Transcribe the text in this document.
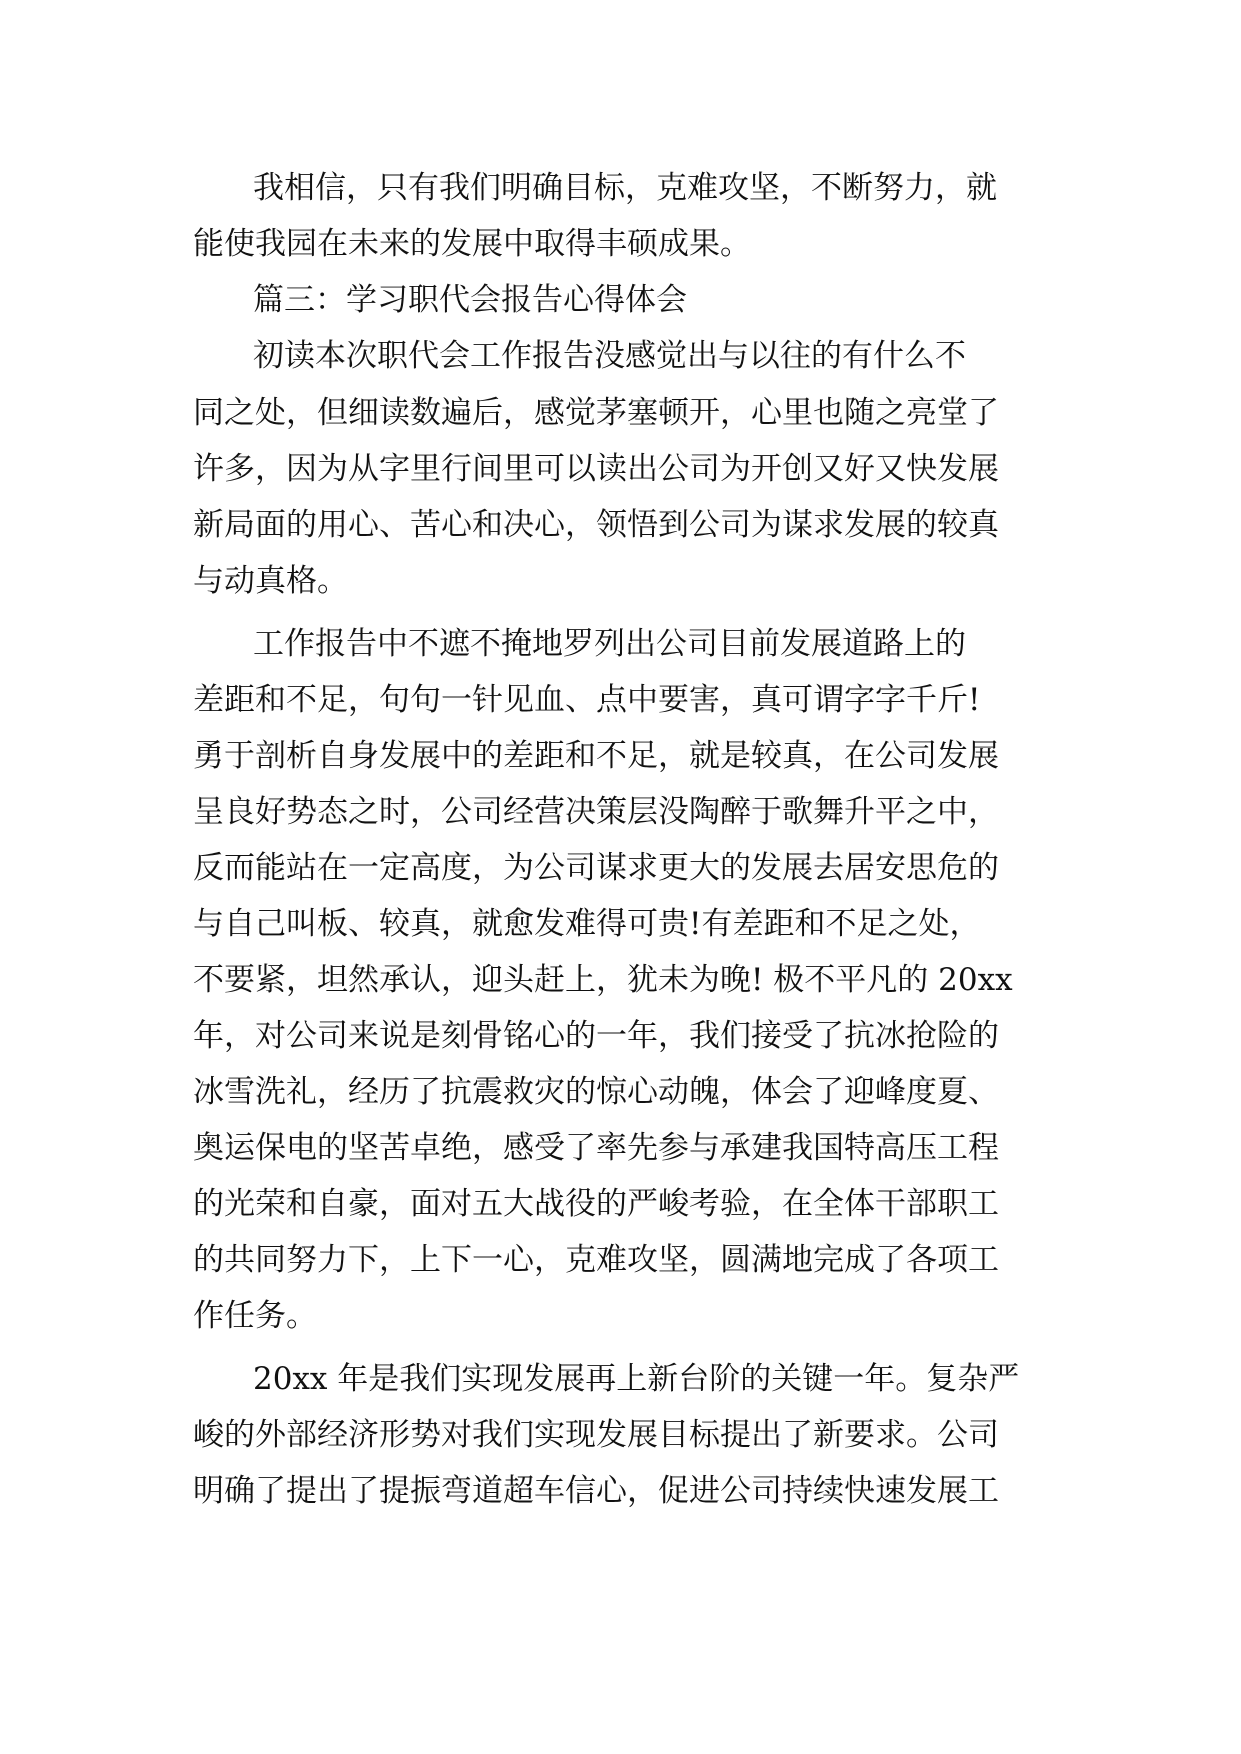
我相信，只有我们明确目标，克难攻坚，不断努力，就
能使我园在未来的发展中取得丰硕成果。
篇三：学习职代会报告心得体会
初读本次职代会工作报告没感觉出与以往的有什么不
同之处，但细读数遍后，感觉茅塞顿开，心里也随之亮堂了
许多，因为从字里行间里可以读出公司为开创又好又快发展
新局面的用心、苦心和决心，领悟到公司为谋求发展的较真
与动真格。
工作报告中不遮不掩地罗列出公司目前发展道路上的
差距和不足，句句一针见血、点中要害，真可谓字字千斤!
勇于剖析自身发展中的差距和不足，就是较真，在公司发展
呈良好势态之时，公司经营决策层没陶醉于歌舞升平之中，
反而能站在一定高度，为公司谋求更大的发展去居安思危的
与自己叫板、较真，就愈发难得可贵!有差距和不足之处，
不要紧，坦然承认，迎头赶上，犹未为晚! 极不平凡的 20xx
年，对公司来说是刻骨铭心的一年，我们接受了抗冰抢险的
冰雪洗礼，经历了抗震救灾的惊心动魄，体会了迎峰度夏、
奥运保电的坚苦卓绝，感受了率先参与承建我国特高压工程
的光荣和自豪，面对五大战役的严峻考验，在全体干部职工
的共同努力下，上下一心，克难攻坚，圆满地完成了各项工
作任务。
20xx 年是我们实现发展再上新台阶的关键一年。复杂严
峻的外部经济形势对我们实现发展目标提出了新要求。公司
明确了提出了提振弯道超车信心，促进公司持续快速发展工
